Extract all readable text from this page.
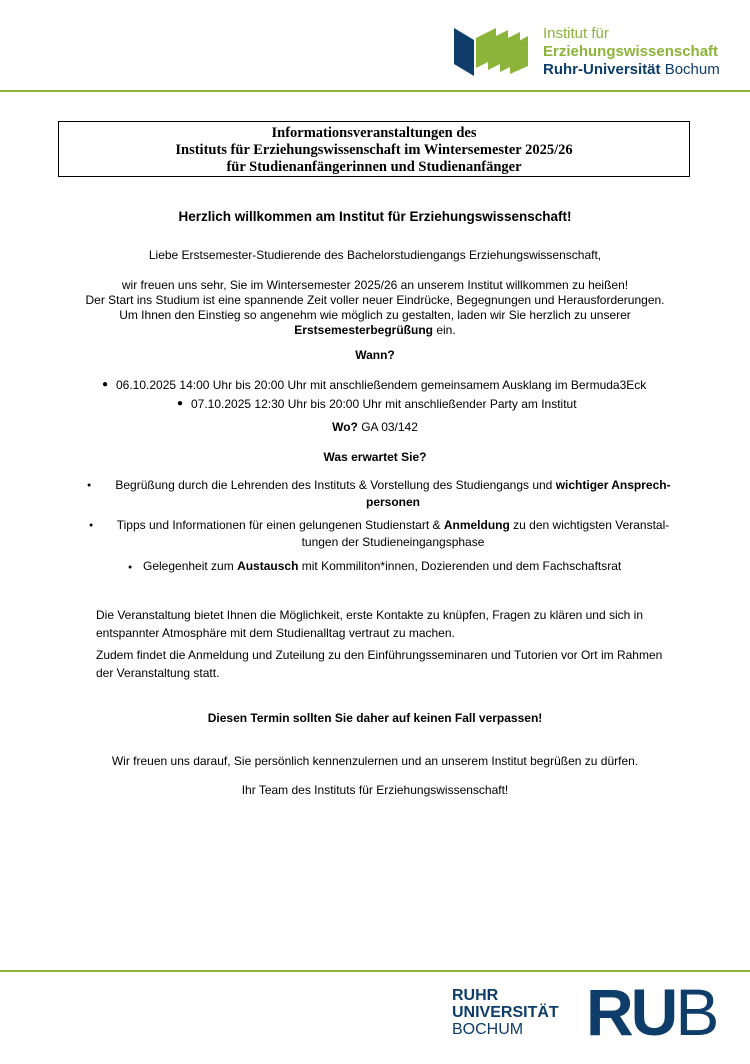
Institut für
Erziehungswissenschaft
Ruhr-Universität Bochum
Informationsveranstaltungen des
Instituts für Erziehungswissenschaft im Wintersemester 2025/26
für Studienanfängerinnen und Studienanfänger
Herzlich willkommen am Institut für Erziehungswissenschaft!
Liebe Erstsemester-Studierende des Bachelorstudiengangs Erziehungswissenschaft,
wir freuen uns sehr, Sie im Wintersemester 2025/26 an unserem Institut willkommen zu heißen!
Der Start ins Studium ist eine spannende Zeit voller neuer Eindrücke, Begegnungen und Herausforderungen.
Um Ihnen den Einstieg so angenehm wie möglich zu gestalten, laden wir Sie herzlich zu unserer
Erstsemesterbegrüßung ein.
Wann?
● 06.10.2025 14:00 Uhr bis 20:00 Uhr mit anschließendem gemeinsamem Ausklang im Bermuda3Eck
● 07.10.2025 12:30 Uhr bis 20:00 Uhr mit anschließender Party am Institut
Wo? GA 03/142
Was erwartet Sie?
●	Begrüßung durch die Lehrenden des Instituts & Vorstellung des Studiengangs und wichtiger Ansprech-
personen
●	Tipps und Informationen für einen gelungenen Studienstart & Anmeldung zu den wichtigsten Veranstal-
tungen der Studieneingangsphase
● Gelegenheit zum Austausch mit Kommiliton*innen, Dozierenden und dem Fachschaftsrat
Die Veranstaltung bietet Ihnen die Möglichkeit, erste Kontakte zu knüpfen, Fragen zu klären und sich in
entspannter Atmosphäre mit dem Studienalltag vertraut zu machen.
Zudem findet die Anmeldung und Zuteilung zu den Einführungsseminaren und Tutorien vor Ort im Rahmen
der Veranstaltung statt.
Diesen Termin sollten Sie daher auf keinen Fall verpassen!
Wir freuen uns darauf, Sie persönlich kennenzulernen und an unserem Institut begrüßen zu dürfen.
Ihr Team des Instituts für Erziehungswissenschaft!
RUHR
UNIVERSITÄT
BOCHUM RUB
